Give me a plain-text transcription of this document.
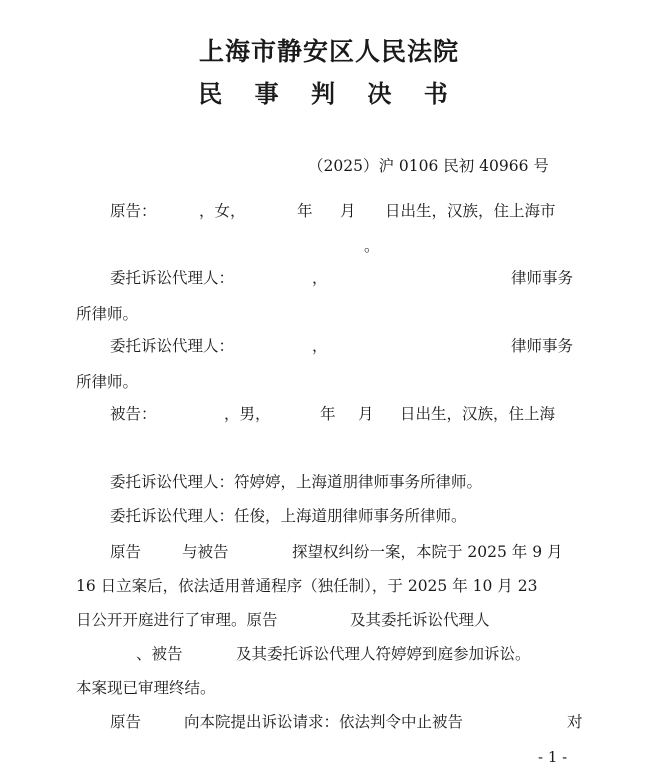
上海市静安区人民法院
民 事 判 决 书
（2025）沪 0106 民初 40966 号
原告：	，女，	年 月 日出生，汉族，住上海市
。
委托诉讼代理人：	，	律师事务
所律师。
委托诉讼代理人：	，	律师事务
所律师。
被告：	，男，	年 月 日出生，汉族，住上海
委托诉讼代理人：符婷婷，上海道朋律师事务所律师。
委托诉讼代理人：任俊，上海道朋律师事务所律师。
原告	与被告	探望权纠纷一案，本院于 2025 年 9 月
16 日立案后，依法适用普通程序（独任制），于 2025 年 10 月 23
日公开开庭进行了审理。原告	及其委托诉讼代理人
、被告	及其委托诉讼代理人符婷婷到庭参加诉讼。
本案现已审理终结。
原告	向本院提出诉讼请求：依法判令中止被告	对
- 1 -
